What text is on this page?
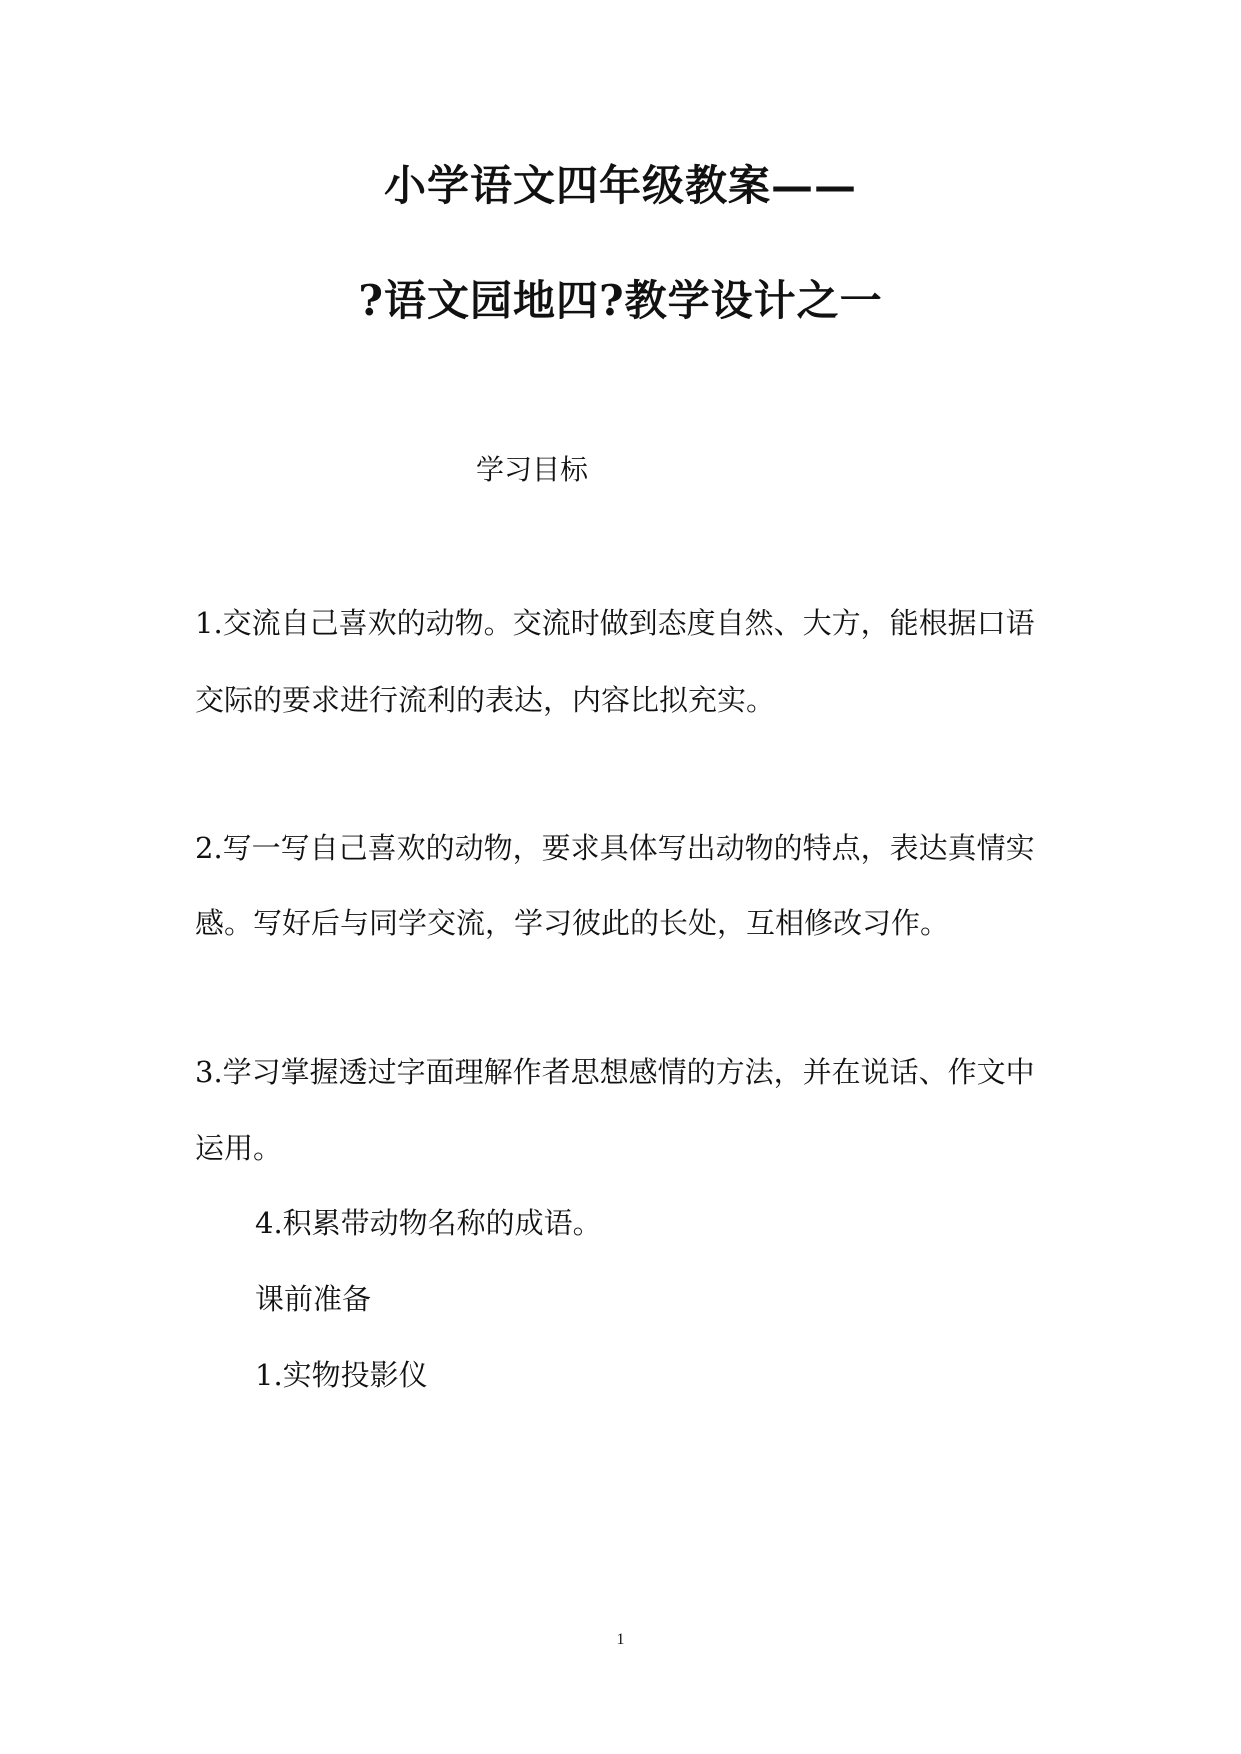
小学语文四年级教案——
?语文园地四?教学设计之一
学习目标
1.交流自己喜欢的动物。交流时做到态度自然、大方，能根据口语
交际的要求进行流利的表达，内容比拟充实。
2.写一写自己喜欢的动物，要求具体写出动物的特点，表达真情实
感。写好后与同学交流，学习彼此的长处，互相修改习作。
3.学习掌握透过字面理解作者思想感情的方法，并在说话、作文中
运用。
4.积累带动物名称的成语。
课前准备
1.实物投影仪
1
